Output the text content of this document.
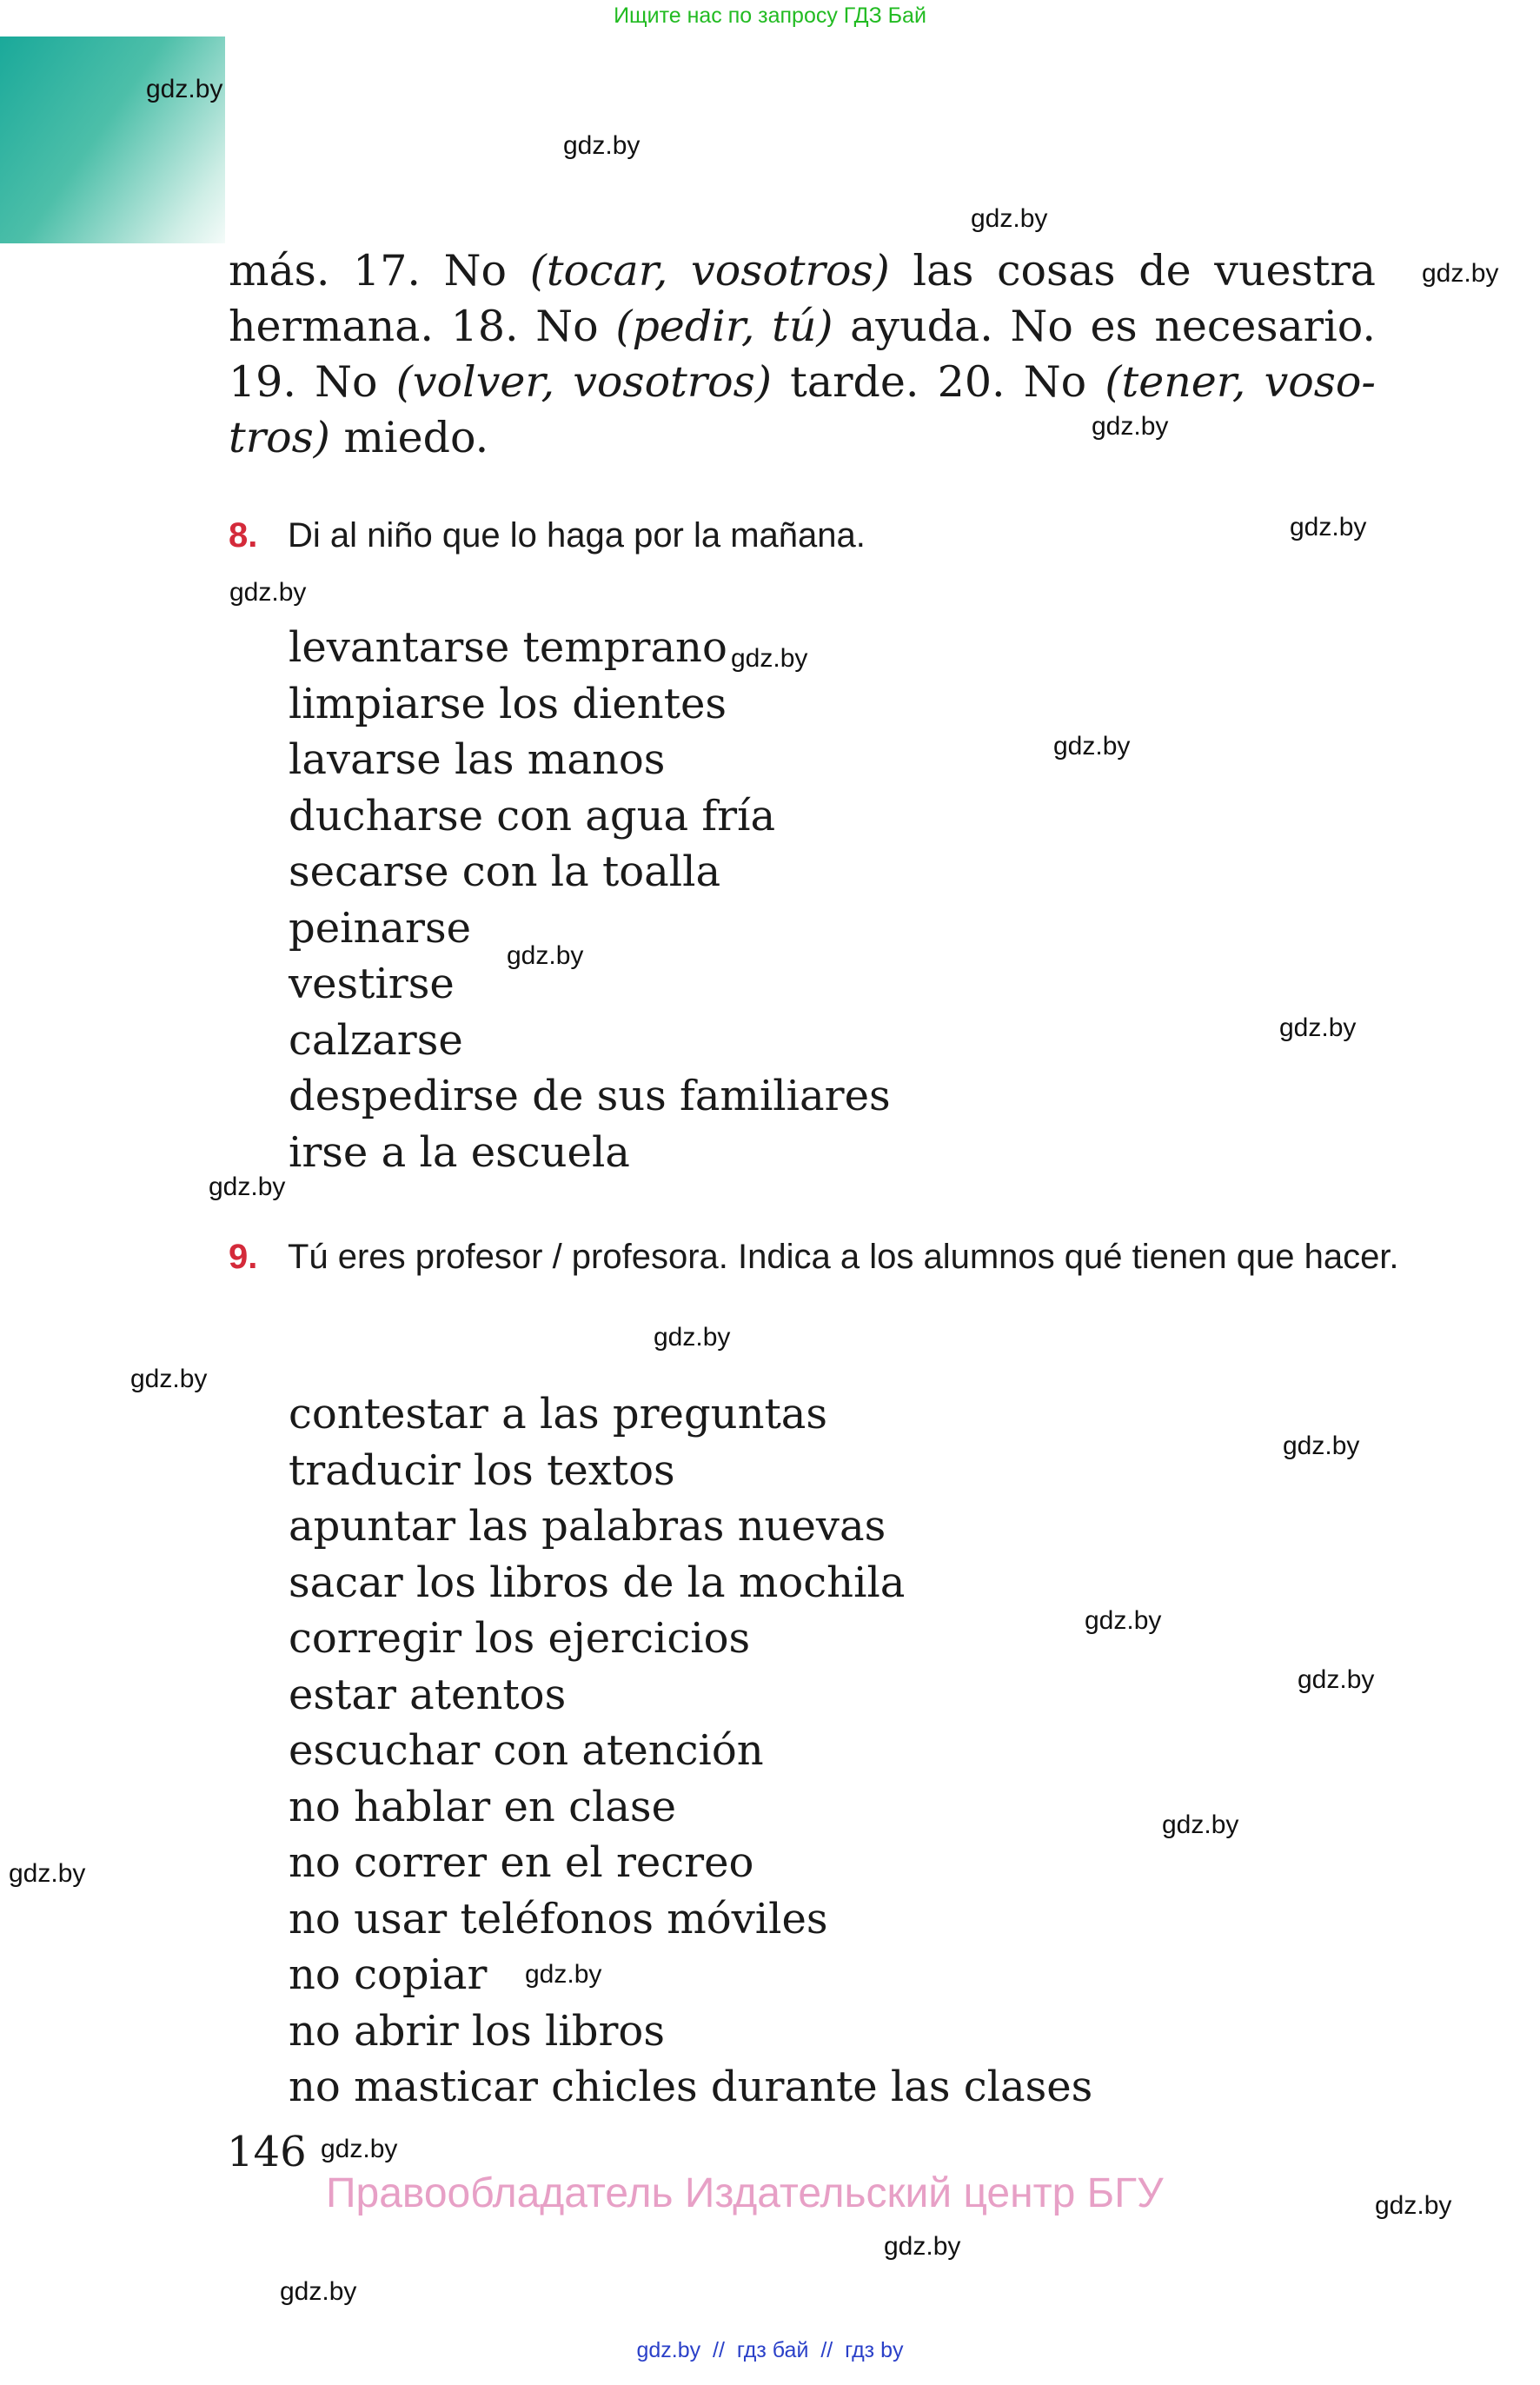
Ищите нас по запросу ГДЗ Бай
gdz.by
gdz.by
gdz.by
gdz.by
gdz.by
gdz.by
gdz.by
gdz.by
gdz.by
gdz.by
gdz.by
gdz.by
gdz.by
gdz.by
gdz.by
gdz.by
gdz.by
gdz.by
gdz.by
gdz.by
gdz.by
gdz.by
gdz.by
gdz.by
más. 17. No (tocar, vosotros) las cosas de vuestra
hermana. 18. No (pedir, tú) ayuda. No es necesario.
19. No (volver, vosotros) tarde. 20. No (tener, voso-
tros) miedo.
8. Di al niño que lo haga por la mañana.
levantarse temprano
limpiarse los dientes
lavarse las manos
ducharse con agua fría
secarse con la toalla
peinarse
vestirse
calzarse
despedirse de sus familiares
irse a la escuela
9. Tú eres profesor / profesora. Indica a los alumnos qué tienen que hacer.
contestar a las preguntas
traducir los textos
apuntar las palabras nuevas
sacar los libros de la mochila
corregir los ejercicios
estar atentos
escuchar con atención
no hablar en clase
no correr en el recreo
no usar teléfonos móviles
no copiar
no abrir los libros
no masticar chicles durante las clases
146
Правообладатель Издательский центр БГУ
gdz.by  //  гдз бай  //  гдз by
